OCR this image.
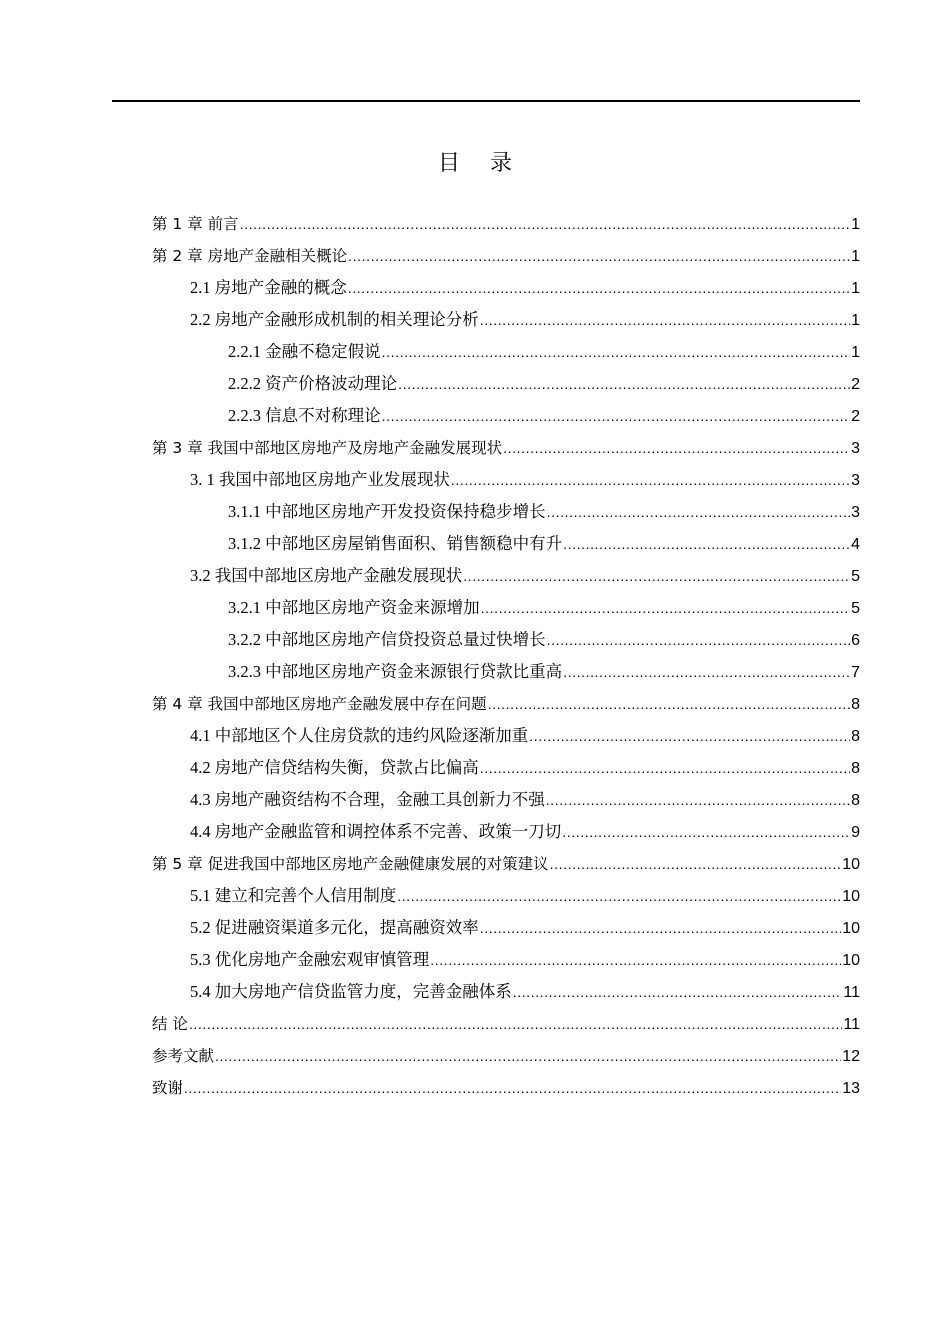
目 录
第 1 章 前言 .....	1
第 2 章 房地产金融相关概论 .....	1
2.1 房地产金融的概念 .....	1
2.2 房地产金融形成机制的相关理论分析 .....	1
2.2.1 金融不稳定假说 .....	1
2.2.2 资产价格波动理论 .....	2
2.2.3 信息不对称理论 .....	2
第 3 章 我国中部地区房地产及房地产金融发展现状 .....	3
3. 1 我国中部地区房地产业发展现状 .....	3
3.1.1 中部地区房地产开发投资保持稳步增长 .....	3
3.1.2 中部地区房屋销售面积、销售额稳中有升 .....	4
3.2 我国中部地区房地产金融发展现状 .....	5
3.2.1 中部地区房地产资金来源增加 .....	5
3.2.2 中部地区房地产信贷投资总量过快增长 .....	6
3.2.3 中部地区房地产资金来源银行贷款比重高 .....	7
第 4 章 我国中部地区房地产金融发展中存在问题 .....	8
4.1 中部地区个人住房贷款的违约风险逐渐加重 .....	8
4.2 房地产信贷结构失衡，贷款占比偏高 .....	8
4.3 房地产融资结构不合理，金融工具创新力不强 .....	8
4.4 房地产金融监管和调控体系不完善、政策一刀切 .....	9
第 5 章 促进我国中部地区房地产金融健康发展的对策建议 .....	10
5.1 建立和完善个人信用制度 .....	10
5.2 促进融资渠道多元化，提高融资效率 .....	10
5.3 优化房地产金融宏观审慎管理 .....	10
5.4 加大房地产信贷监管力度，完善金融体系 .....	11
结 论 .....	11
参考文献 .....	12
致谢 .....	13
